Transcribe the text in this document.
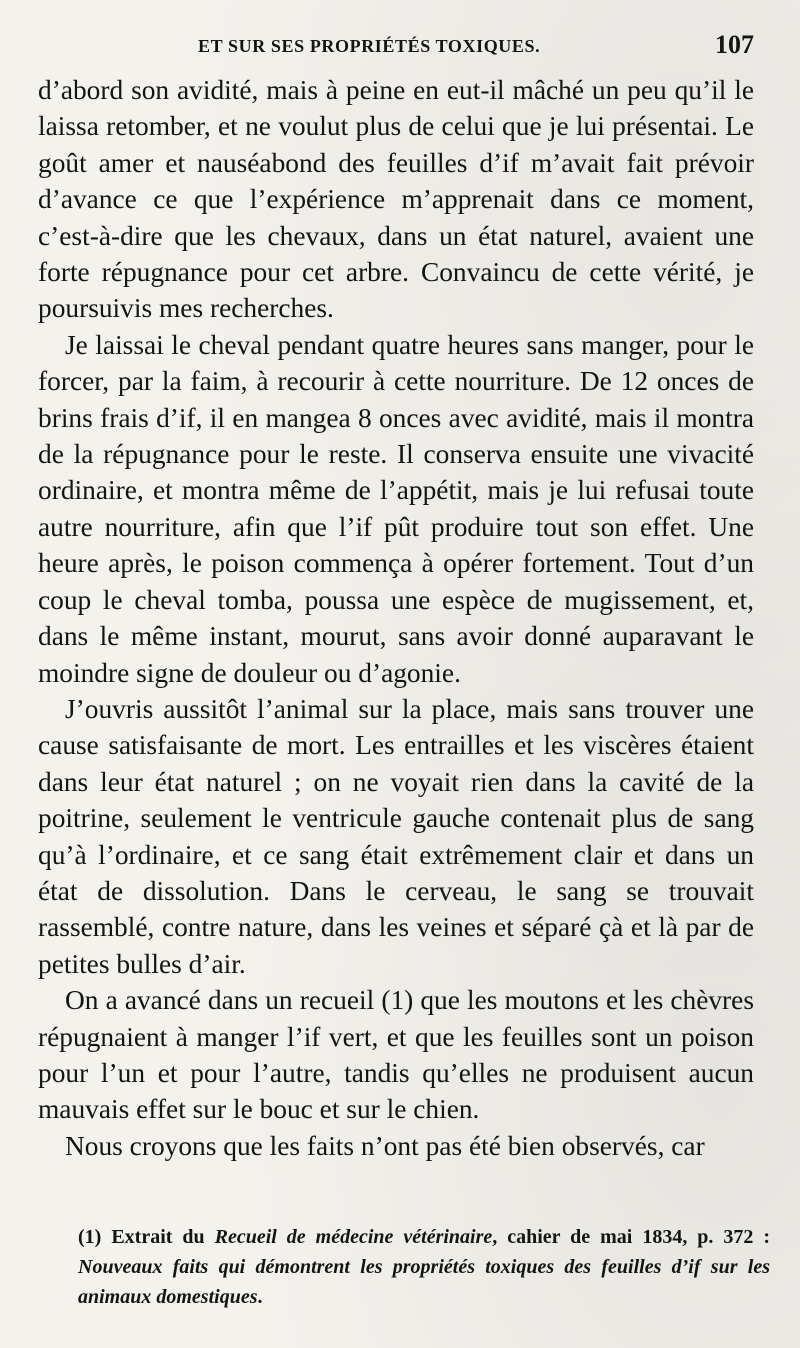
ET SUR SES PROPRIÉTÉS TOXIQUES.	107

d’abord son avidité, mais à peine en eut-il mâché un peu qu’il le laissa retomber, et ne voulut plus de celui que je lui présentai. Le goût amer et nauséabond des feuilles d’if m’avait fait prévoir d’avance ce que l’expérience m’apprenait dans ce moment, c’est-à-dire que les chevaux, dans un état naturel, avaient une forte répugnance pour cet arbre. Convaincu de cette vérité, je poursuivis mes recherches.

Je laissai le cheval pendant quatre heures sans manger, pour le forcer, par la faim, à recourir à cette nourriture. De 12 onces de brins frais d’if, il en mangea 8 onces avec avidité, mais il montra de la répugnance pour le reste. Il conserva ensuite une vivacité ordinaire, et montra même de l’appétit, mais je lui refusai toute autre nourriture, afin que l’if pût produire tout son effet. Une heure après, le poison commença à opérer fortement. Tout d’un coup le cheval tomba, poussa une espèce de mugissement, et, dans le même instant, mourut, sans avoir donné auparavant le moindre signe de douleur ou d’agonie.

J’ouvris aussitôt l’animal sur la place, mais sans trouver une cause satisfaisante de mort. Les entrailles et les viscères étaient dans leur état naturel ; on ne voyait rien dans la cavité de la poitrine, seulement le ventricule gauche contenait plus de sang qu’à l’ordinaire, et ce sang était extrêmement clair et dans un état de dissolution. Dans le cerveau, le sang se trouvait rassemblé, contre nature, dans les veines et séparé çà et là par de petites bulles d’air.

On a avancé dans un recueil (1) que les moutons et les chèvres répugnaient à manger l’if vert, et que les feuilles sont un poison pour l’un et pour l’autre, tandis qu’elles ne produisent aucun mauvais effet sur le bouc et sur le chien.

Nous croyons que les faits n’ont pas été bien observés, car

(1) Extrait du Recueil de médecine vétérinaire, cahier de mai 1834, p. 372 : Nouveaux faits qui démontrent les propriétés toxiques des feuilles d’if sur les animaux domestiques.
